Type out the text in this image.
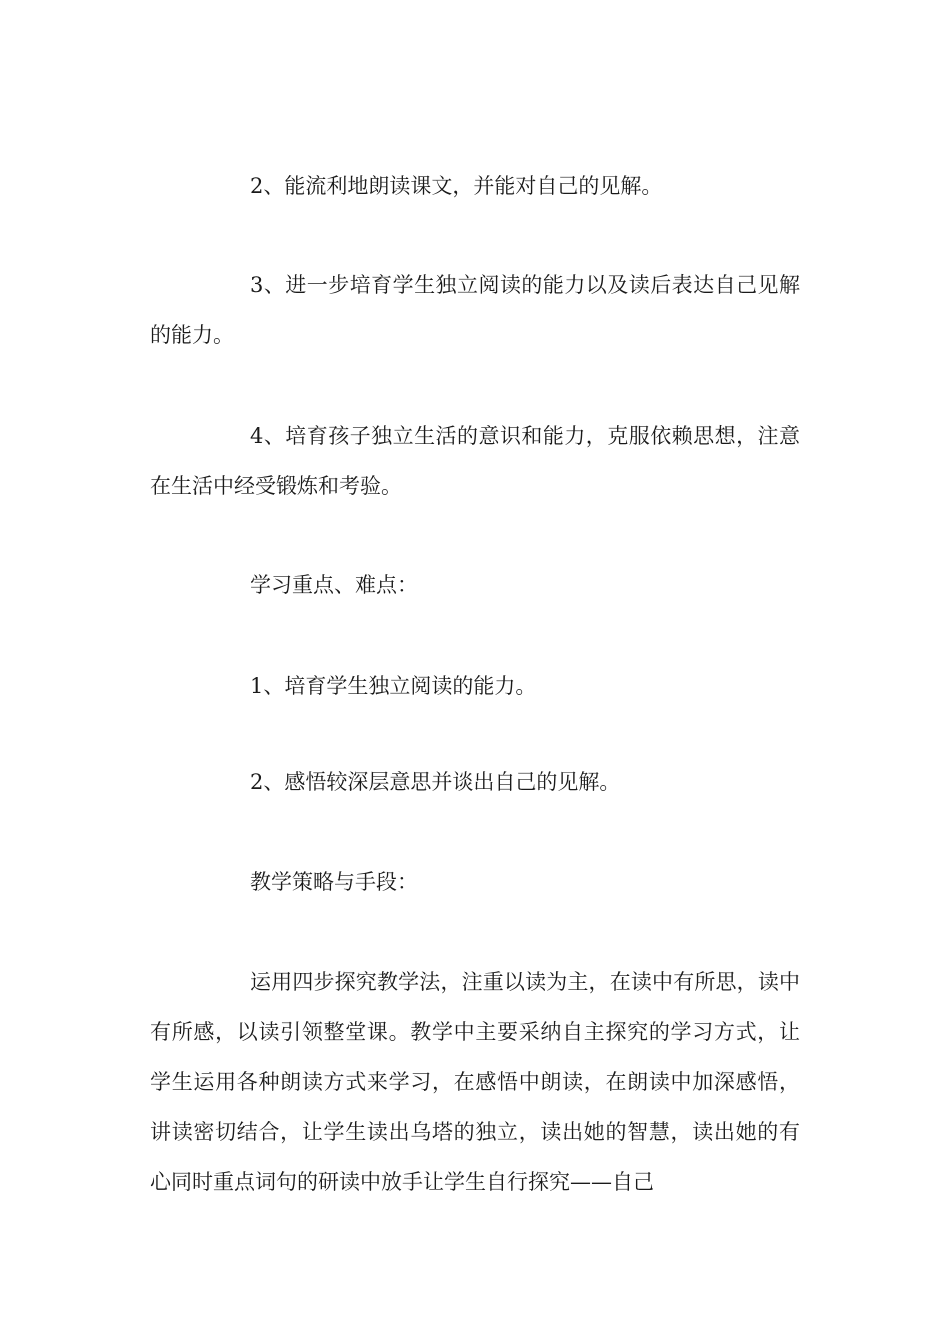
2、能流利地朗读课文，并能对自己的见解。

3、进一步培育学生独立阅读的能力以及读后表达自己见解的能力。

4、培育孩子独立生活的意识和能力，克服依赖思想，注意在生活中经受锻炼和考验。

学习重点、难点：

1、培育学生独立阅读的能力。

2、感悟较深层意思并谈出自己的见解。

教学策略与手段：

运用四步探究教学法，注重以读为主，在读中有所思，读中有所感，以读引领整堂课。教学中主要采纳自主探究的学习方式，让学生运用各种朗读方式来学习，在感悟中朗读，在朗读中加深感悟，讲读密切结合，让学生读出乌塔的独立，读出她的智慧，读出她的有心同时重点词句的研读中放手让学生自行探究——自己
